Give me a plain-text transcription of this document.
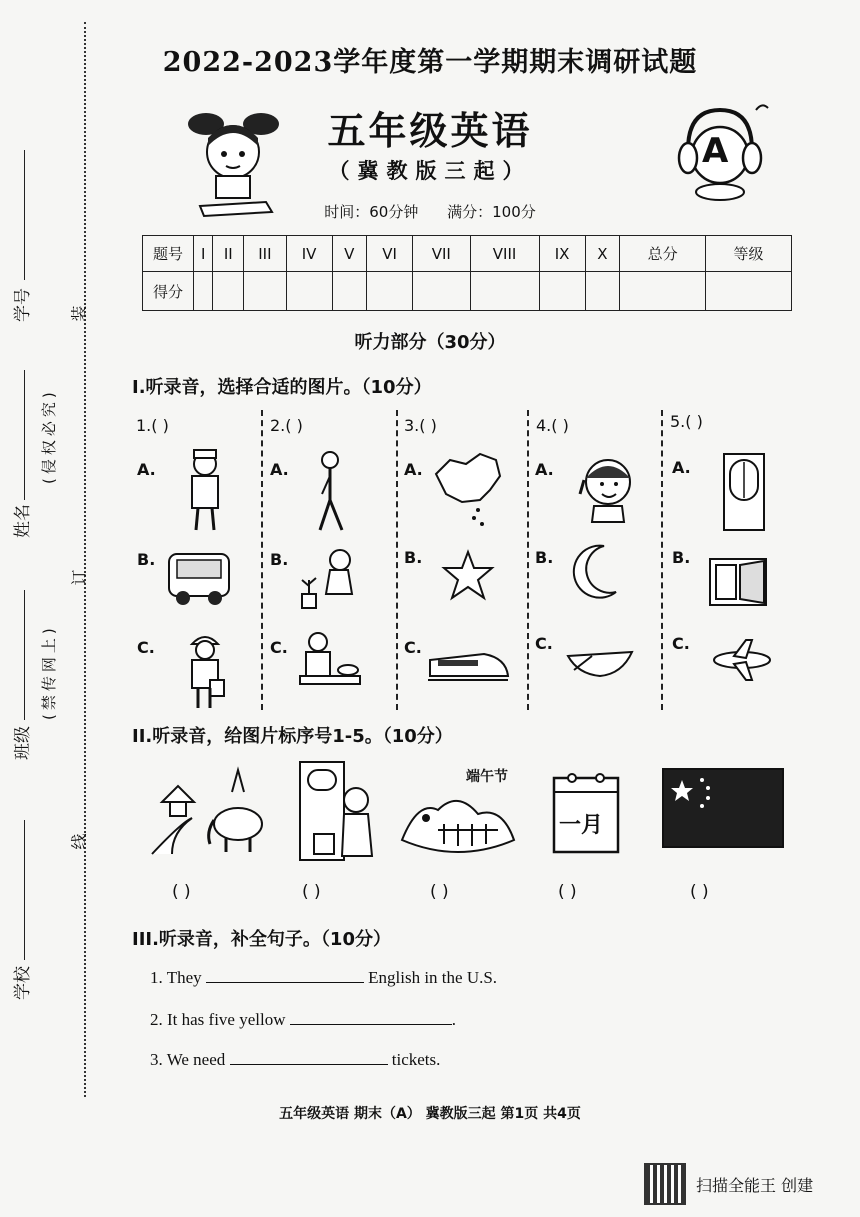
学号
姓名
(侵权必究)
(禁传网上)
班级
学校
装
订
线
2022-2023学年度第一学期期末调研试题
五年级英语
（冀教版三起）
时间：60分钟 满分：100分
A
题号	I	II	III	IV	V	VI	VII	VIII	IX	X	总分	等级
得分												
听力部分（30分）
I.听录音，选择合适的图片。（10分）
1.( )	2.( )	3.( )	4.( )	5.( )
A.
B.
C.
A.
B.
C.
A.
B.
C.
A.
B.
C.
A.
B.
C.
II.听录音，给图片标序号1-5。（10分）
端午节
一月
( )	( )	( )	( )	( )
III.听录音，补全句子。（10分）
1. They	English in the U.S.
2. It has five yellow	.
3. We need	tickets.
五年级英语 期末（A） 冀教版三起 第1页 共4页
扫描全能王 创建
